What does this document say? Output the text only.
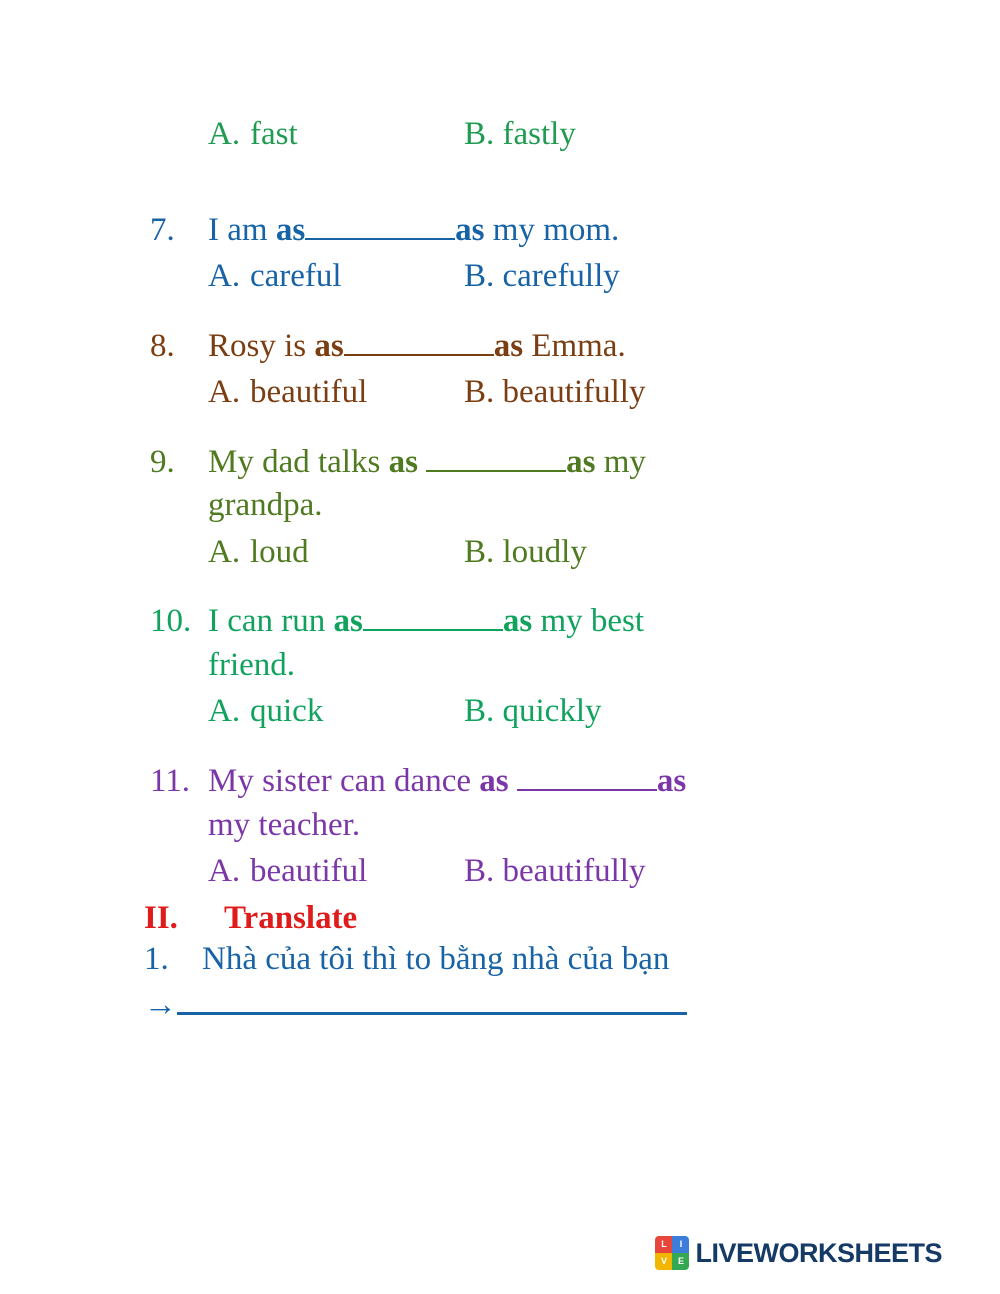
A. fast	B. fastly
7.	I am as	as my mom.
A. careful	B. carefully
8.	Rosy is as	as Emma.
A. beautiful	B. beautifully
9.	My dad talks as	as my
grandpa.
A. loud	B. loudly
10. I can run as	as my best
friend.
A. quick	B. quickly
11. My sister can dance as	as
my teacher.
A. beautiful	B. beautifully
II.	Translate
1.	Nhà của tôi thì to bằng nhà của bạn
→
L	I
V	E LIVEWORKSHEETS
